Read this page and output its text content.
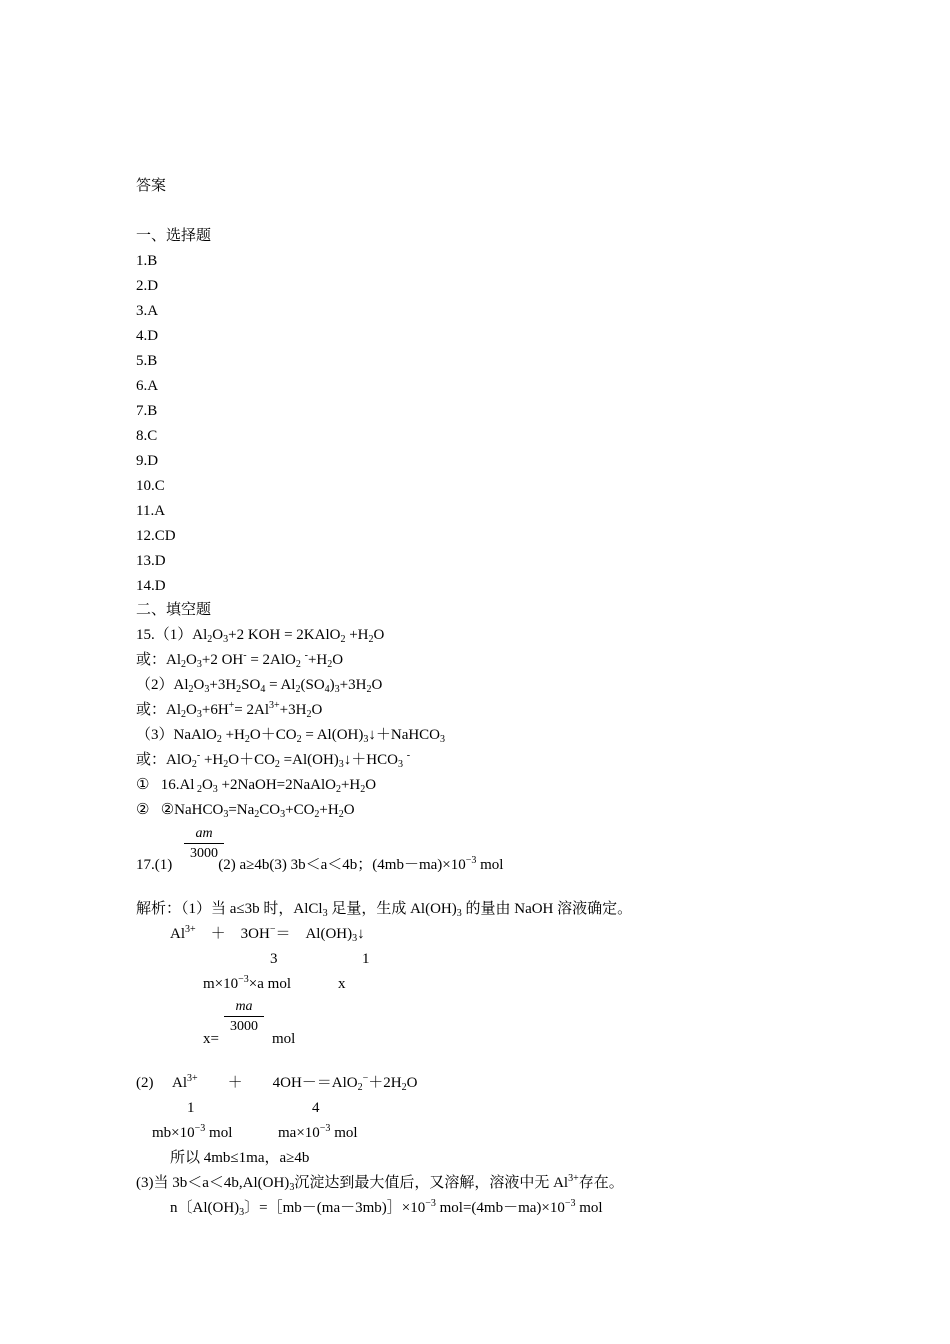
答案
一、选择题
1.B
2.D
3.A
4.D
5.B
6.A
7.B
8.C
9.D
10.C
11.A
12.CD
13.D
14.D
二、填空题
$15.(1)Al_2O_3+2$ KOH = 2KAlO$_2$ $+H_2O$
或：$Al_2O_3+2$ OH- = 2AlO$_2$ $^-+H_2O$
$(2)Al_2O_3+3H_2SO_4 = Al_2(SO_4)_3+3H_2O$
或：$Al_2O_3+6H^+= 2Al^{3+}+3H_2O$
（3）NaAlO$_2$ $+H_2O+CO_2$ = $Al(OH)_3↓+NaHCO_3$
或：$AlO_2^- +H_2O+CO_2$ $=Al(OH)_3↓+HCO_3$ -
① 16.Al $_2O_3$ $+2NaOH=2NaAlO_2+H_2O$
② $②NaHCO_3=Na_2CO_3+CO_2+H_2O$
am
3000
17.(1)	(2) a≥4b(3) 3b＜a＜4b；$(4mb-ma)\times 10^{-3}$ mol
解析：（1）当 a≤3b 时，AlCl$_3$ 足量，生成 $Al(OH)_3$ 的量由 NaOH 溶液确定。
$Al^{3+}$    ＋    3OH−＝    $Al(OH)_3↓$
3	1
$m\times 10^{-3}\times a$ mol	x
ma
3000
x=	mol
(2) $Al^{3+}$        ＋        $4OH-=AlO_2^-+2H_2O$
1	4
$mb\times 10^{-3}$ mol	$ma\times 10^{-3}$ mol
所以 4mb≤1ma，a≥4b
(3)当 $3b<a<4b,Al(OH)_3$沉淀达到最大值后，又溶解，溶液中无 $Al^{3+}$存在。
n〔$Al(OH)_3$〕$=[mb-(ma-3mb)]\times 10^{-3}$ $mol=(4mb-ma)\times 10^{-3}$ mol
